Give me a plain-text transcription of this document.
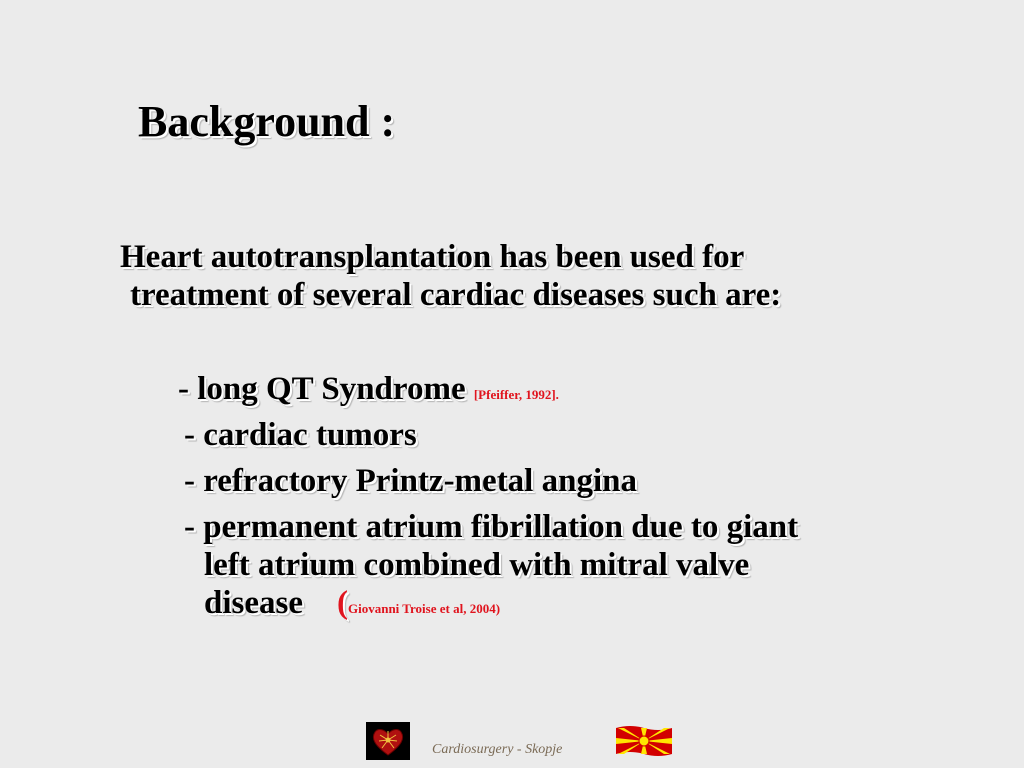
Background :
Heart autotransplantation has been used for
treatment of several cardiac diseases such are:
- long QT Syndrome [Pfeiffer, 1992].
- cardiac tumors
- refractory Printz-metal angina
- permanent atrium fibrillation due to giant
left atrium combined with mitral valve
disease (Giovanni Troise et al, 2004)
Cardiosurgery - Skopje
